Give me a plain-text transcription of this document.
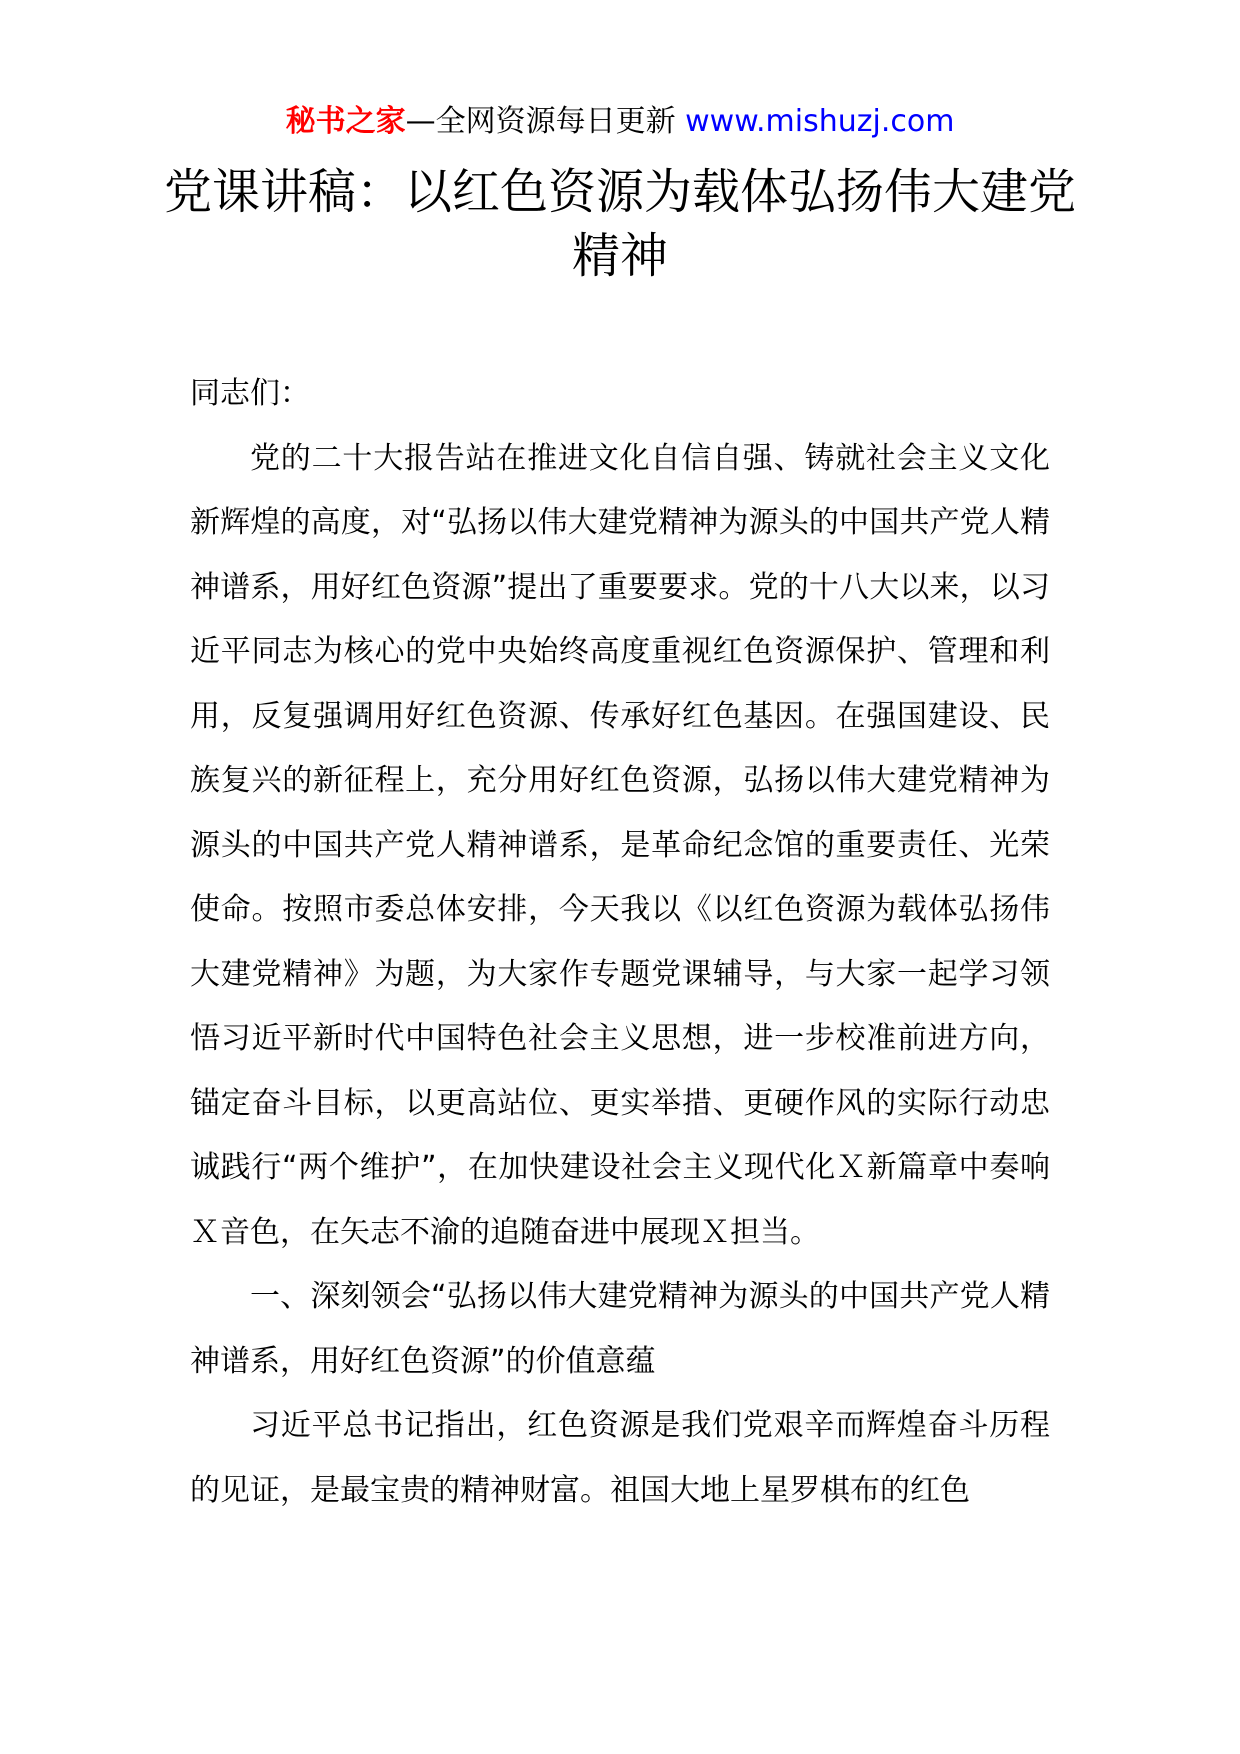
秘书之家—全网资源每日更新 www.mishuzj.com
党课讲稿：以红色资源为载体弘扬伟大建党精神

同志们：

党的二十大报告站在推进文化自信自强、铸就社会主义文化新辉煌的高度，对“弘扬以伟大建党精神为源头的中国共产党人精神谱系，用好红色资源”提出了重要要求。党的十八大以来，以习近平同志为核心的党中央始终高度重视红色资源保护、管理和利用，反复强调用好红色资源、传承好红色基因。在强国建设、民族复兴的新征程上，充分用好红色资源，弘扬以伟大建党精神为源头的中国共产党人精神谱系，是革命纪念馆的重要责任、光荣使命。按照市委总体安排，今天我以《以红色资源为载体弘扬伟大建党精神》为题，为大家作专题党课辅导，与大家一起学习领悟习近平新时代中国特色社会主义思想，进一步校准前进方向，锚定奋斗目标，以更高站位、更实举措、更硬作风的实际行动忠诚践行“两个维护”，在加快建设社会主义现代化Ｘ新篇章中奏响Ｘ音色，在矢志不渝的追随奋进中展现Ｘ担当。

一、深刻领会“弘扬以伟大建党精神为源头的中国共产党人精神谱系，用好红色资源”的价值意蕴

习近平总书记指出，红色资源是我们党艰辛而辉煌奋斗历程的见证，是最宝贵的精神财富。祖国大地上星罗棋布的红色
